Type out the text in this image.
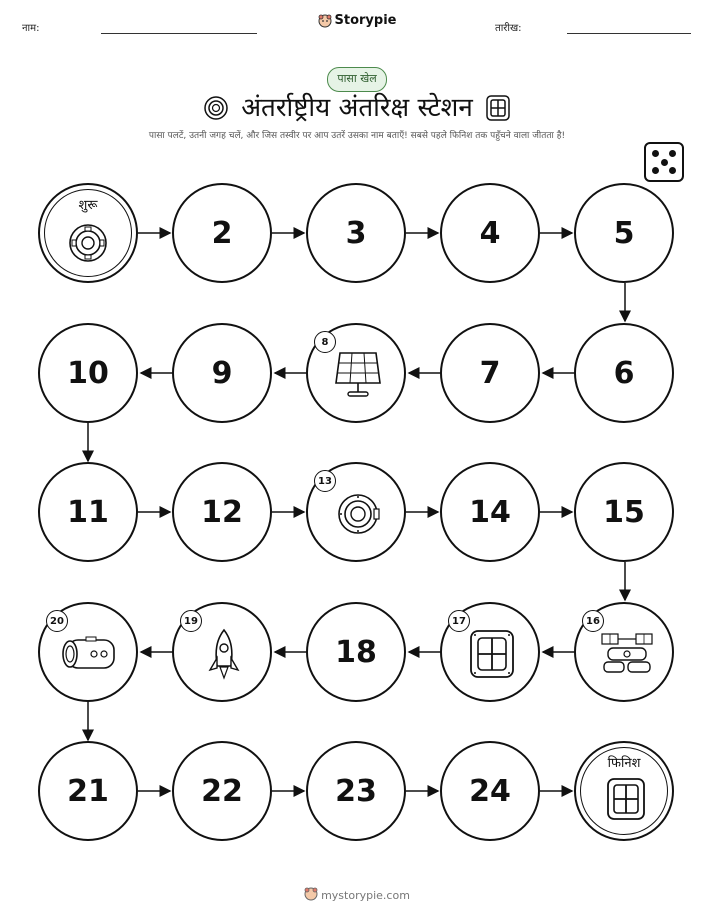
नाम:
Storypie
तारीख:
पासा खेल
अंतर्राष्ट्रीय अंतरिक्ष स्टेशन
पासा पलटें, उतनी जगह चलें, और जिस तस्वीर पर आप उतरें उसका नाम बताएँ! सबसे पहले फिनिश तक पहुँचने वाला जीतता है!
शुरू
2	3	4	5
10	9
8
7	6
11	12
13
14	15
20	19
18
17	16
21	22	23	24
फिनिश
mystorypie.com
